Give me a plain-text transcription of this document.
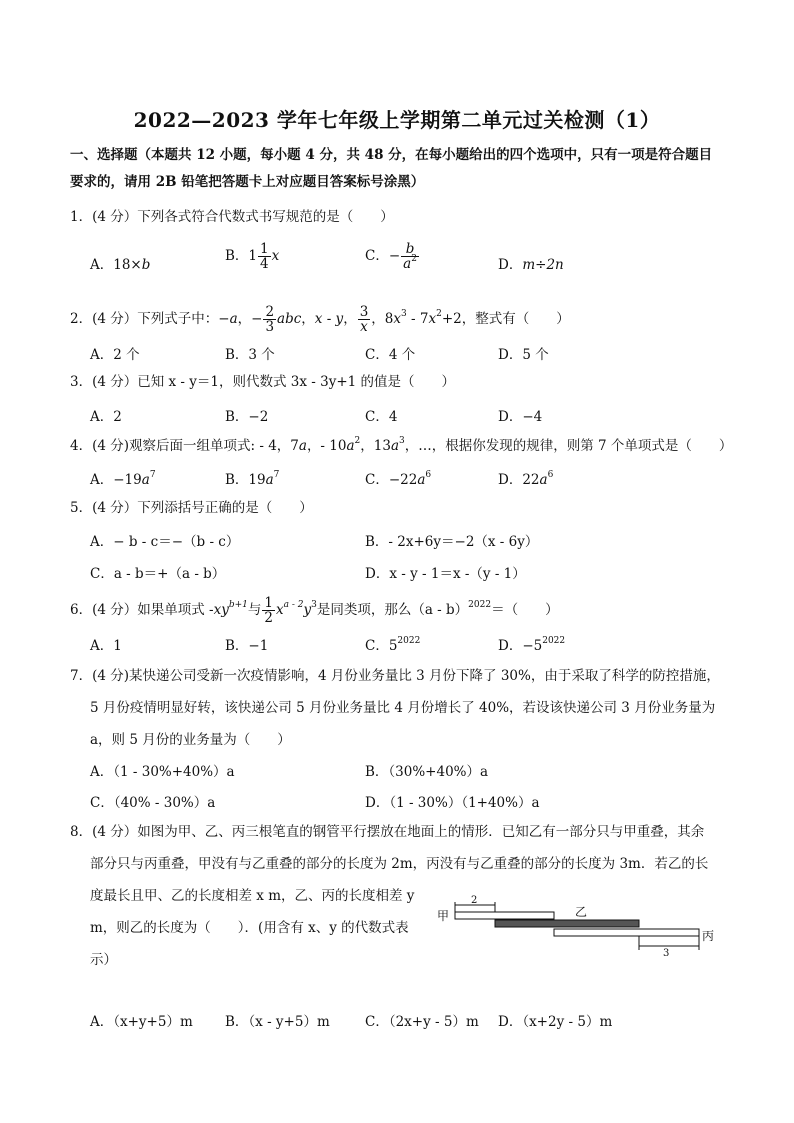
2022—2023 学年七年级上学期第二单元过关检测（1）
一、选择题（本题共 12 小题，每小题 4 分，共 48 分，在每小题给出的四个选项中，只有一项是符合题目
要求的，请用 2B 铅笔把答题卡上对应题目答案标号涂黑）
1．(4 分）下列各式符合代数式书写规范的是（　　）
A．18×b
B．$1 \frac{1}{4}$ x	C．− $\frac{b}{a^2}$	D．m÷2n
2．(4 分）下列式子中：−a，− $\frac{2}{3}$ abc，x - y， $\frac{3}{x}$ ，$8x^3 - 7x^2+2$，整式有（　　）
A．2 个	B．3 个	C．4 个	D．5 个
3．(4 分）已知 x - y＝1，则代数式 3x - 3y+1 的值是（　　）
A．2	B．−2	C．4	D．−4
4．(4 分)观察后面一组单项式: - 4，7a，- $10a^2$，$13a^3$，…，根据你发现的规律，则第 7 个单项式是（　　）
A．$-19a^7$	B．$19a^7$	C．$-22a^6$	D．$22a^6$
5．(4 分）下列添括号正确的是（　　）
A．− b - c＝−（b - c）	B．- 2x+6y＝−2（x - 6y）
C．a - b＝+（a - b）	D．x - y - 1＝x -（y - 1）
6．(4 分）如果单项式 $-xy^{b+1}$与 $\frac{1}{2} x^{a - 2}y^3$是同类项，那么（a - b）$^{2022}$＝（　　）
A．1	B．−1	C．$5^{2022}$	D．$-5^{2022}$
7．(4 分)某快递公司受新一次疫情影响，4 月份业务量比 3 月份下降了 30%，由于采取了科学的防控措施，
5 月份疫情明显好转，该快递公司 5 月份业务量比 4 月份增长了 40%，若设该快递公司 3 月份业务量为
a，则 5 月份的业务量为（　　）
A．（1 - 30%+40%）a	B．（30%+40%）a
C．（40% - 30%）a	D．（1 - 30%）（1+40%）a
8．(4 分）如图为甲、乙、丙三根笔直的钢管平行摆放在地面上的情形．已知乙有一部分只与甲重叠，其余
部分只与丙重叠，甲没有与乙重叠的部分的长度为 2m，丙没有与乙重叠的部分的长度为 3m．若乙的长
度最长且甲、乙的长度相差 x m，乙、丙的长度相差 y
m，则乙的长度为（　　）．(用含有 x、y 的代数式表
示）
甲
2
乙
丙
3
A．（x+y+5）m B．（x - y+5）m	C．（2x+y - 5）m D．（x+2y - 5）m
